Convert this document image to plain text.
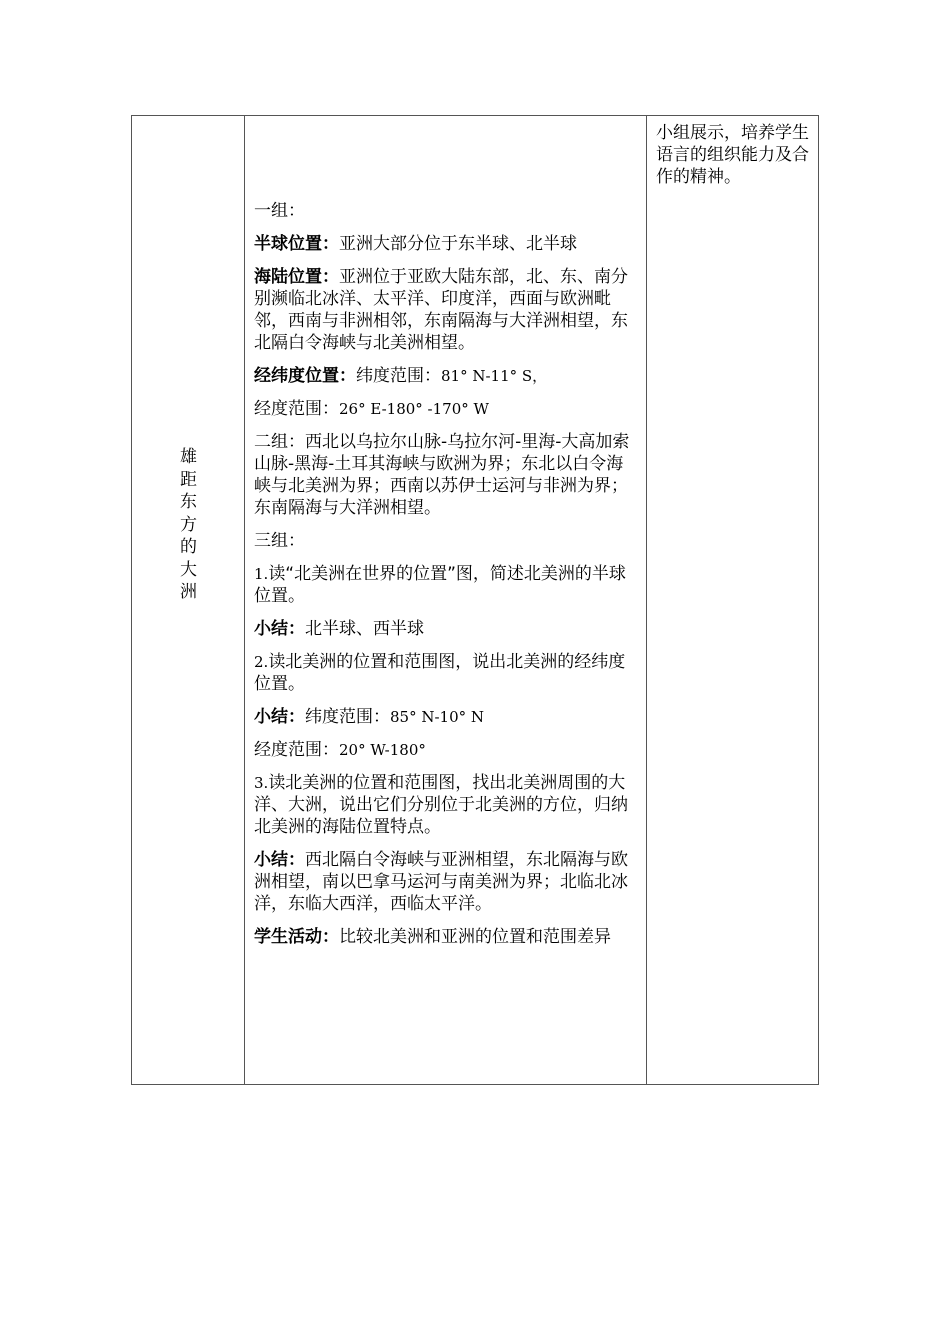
雄
距
东
方
的
大
洲

一组：

半球位置：亚洲大部分位于东半球、北半球

海陆位置：亚洲位于亚欧大陆东部，北、东、南分别濒临北冰洋、太平洋、印度洋，西面与欧洲毗邻，西南与非洲相邻，东南隔海与大洋洲相望，东北隔白令海峡与北美洲相望。

经纬度位置：纬度范围：81° N-11° S，

经度范围：26° E-180° -170° W

二组：西北以乌拉尔山脉-乌拉尔河-里海-大高加索山脉-黑海-土耳其海峡与欧洲为界；东北以白令海峡与北美洲为界；西南以苏伊士运河与非洲为界；东南隔海与大洋洲相望。

三组：

1.读“北美洲在世界的位置”图，简述北美洲的半球位置。

小结：北半球、西半球

2.读北美洲的位置和范围图，说出北美洲的经纬度位置。

小结：纬度范围：85° N-10° N

经度范围：20° W-180°

3.读北美洲的位置和范围图，找出北美洲周围的大洋、大洲，说出它们分别位于北美洲的方位，归纳北美洲的海陆位置特点。

小结：西北隔白令海峡与亚洲相望，东北隔海与欧洲相望，南以巴拿马运河与南美洲为界；北临北冰洋，东临大西洋，西临太平洋。

学生活动：比较北美洲和亚洲的位置和范围差异

小组展示，培养学生语言的组织能力及合作的精神。
